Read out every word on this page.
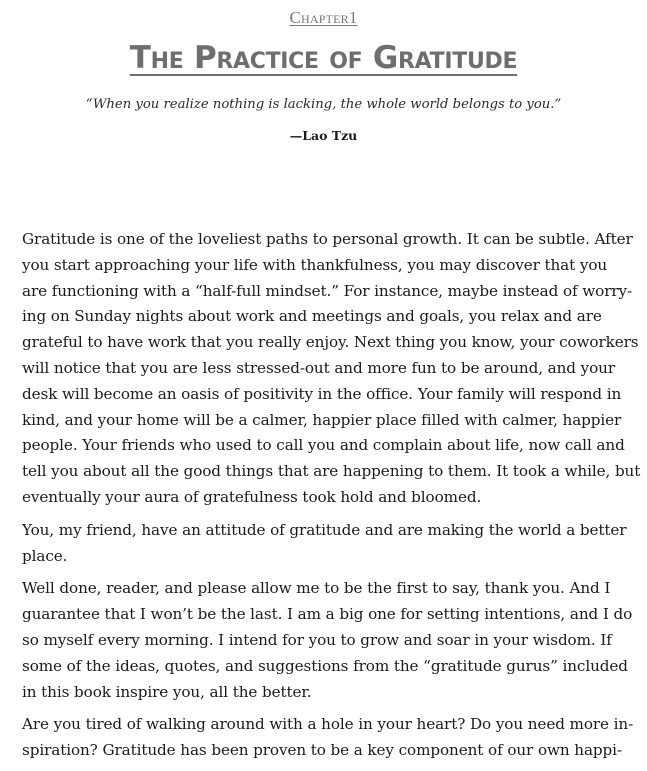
Chapter1
The Practice of Gratitude
“When you realize nothing is lacking, the whole world belongs to you.”
—Lao Tzu

Gratitude is one of the loveliest paths to personal growth. It can be subtle. After
you start approaching your life with thankfulness, you may discover that you
are functioning with a “half-full mindset.” For instance, maybe instead of worry-
ing on Sunday nights about work and meetings and goals, you relax and are
grateful to have work that you really enjoy. Next thing you know, your coworkers
will notice that you are less stressed-out and more fun to be around, and your
desk will become an oasis of positivity in the office. Your family will respond in
kind, and your home will be a calmer, happier place filled with calmer, happier
people. Your friends who used to call you and complain about life, now call and
tell you about all the good things that are happening to them. It took a while, but
eventually your aura of gratefulness took hold and bloomed.

You, my friend, have an attitude of gratitude and are making the world a better
place.

Well done, reader, and please allow me to be the first to say, thank you. And I
guarantee that I won’t be the last. I am a big one for setting intentions, and I do
so myself every morning. I intend for you to grow and soar in your wisdom. If
some of the ideas, quotes, and suggestions from the “gratitude gurus” included
in this book inspire you, all the better.

Are you tired of walking around with a hole in your heart? Do you need more in-
spiration? Gratitude has been proven to be a key component of our own happi-
